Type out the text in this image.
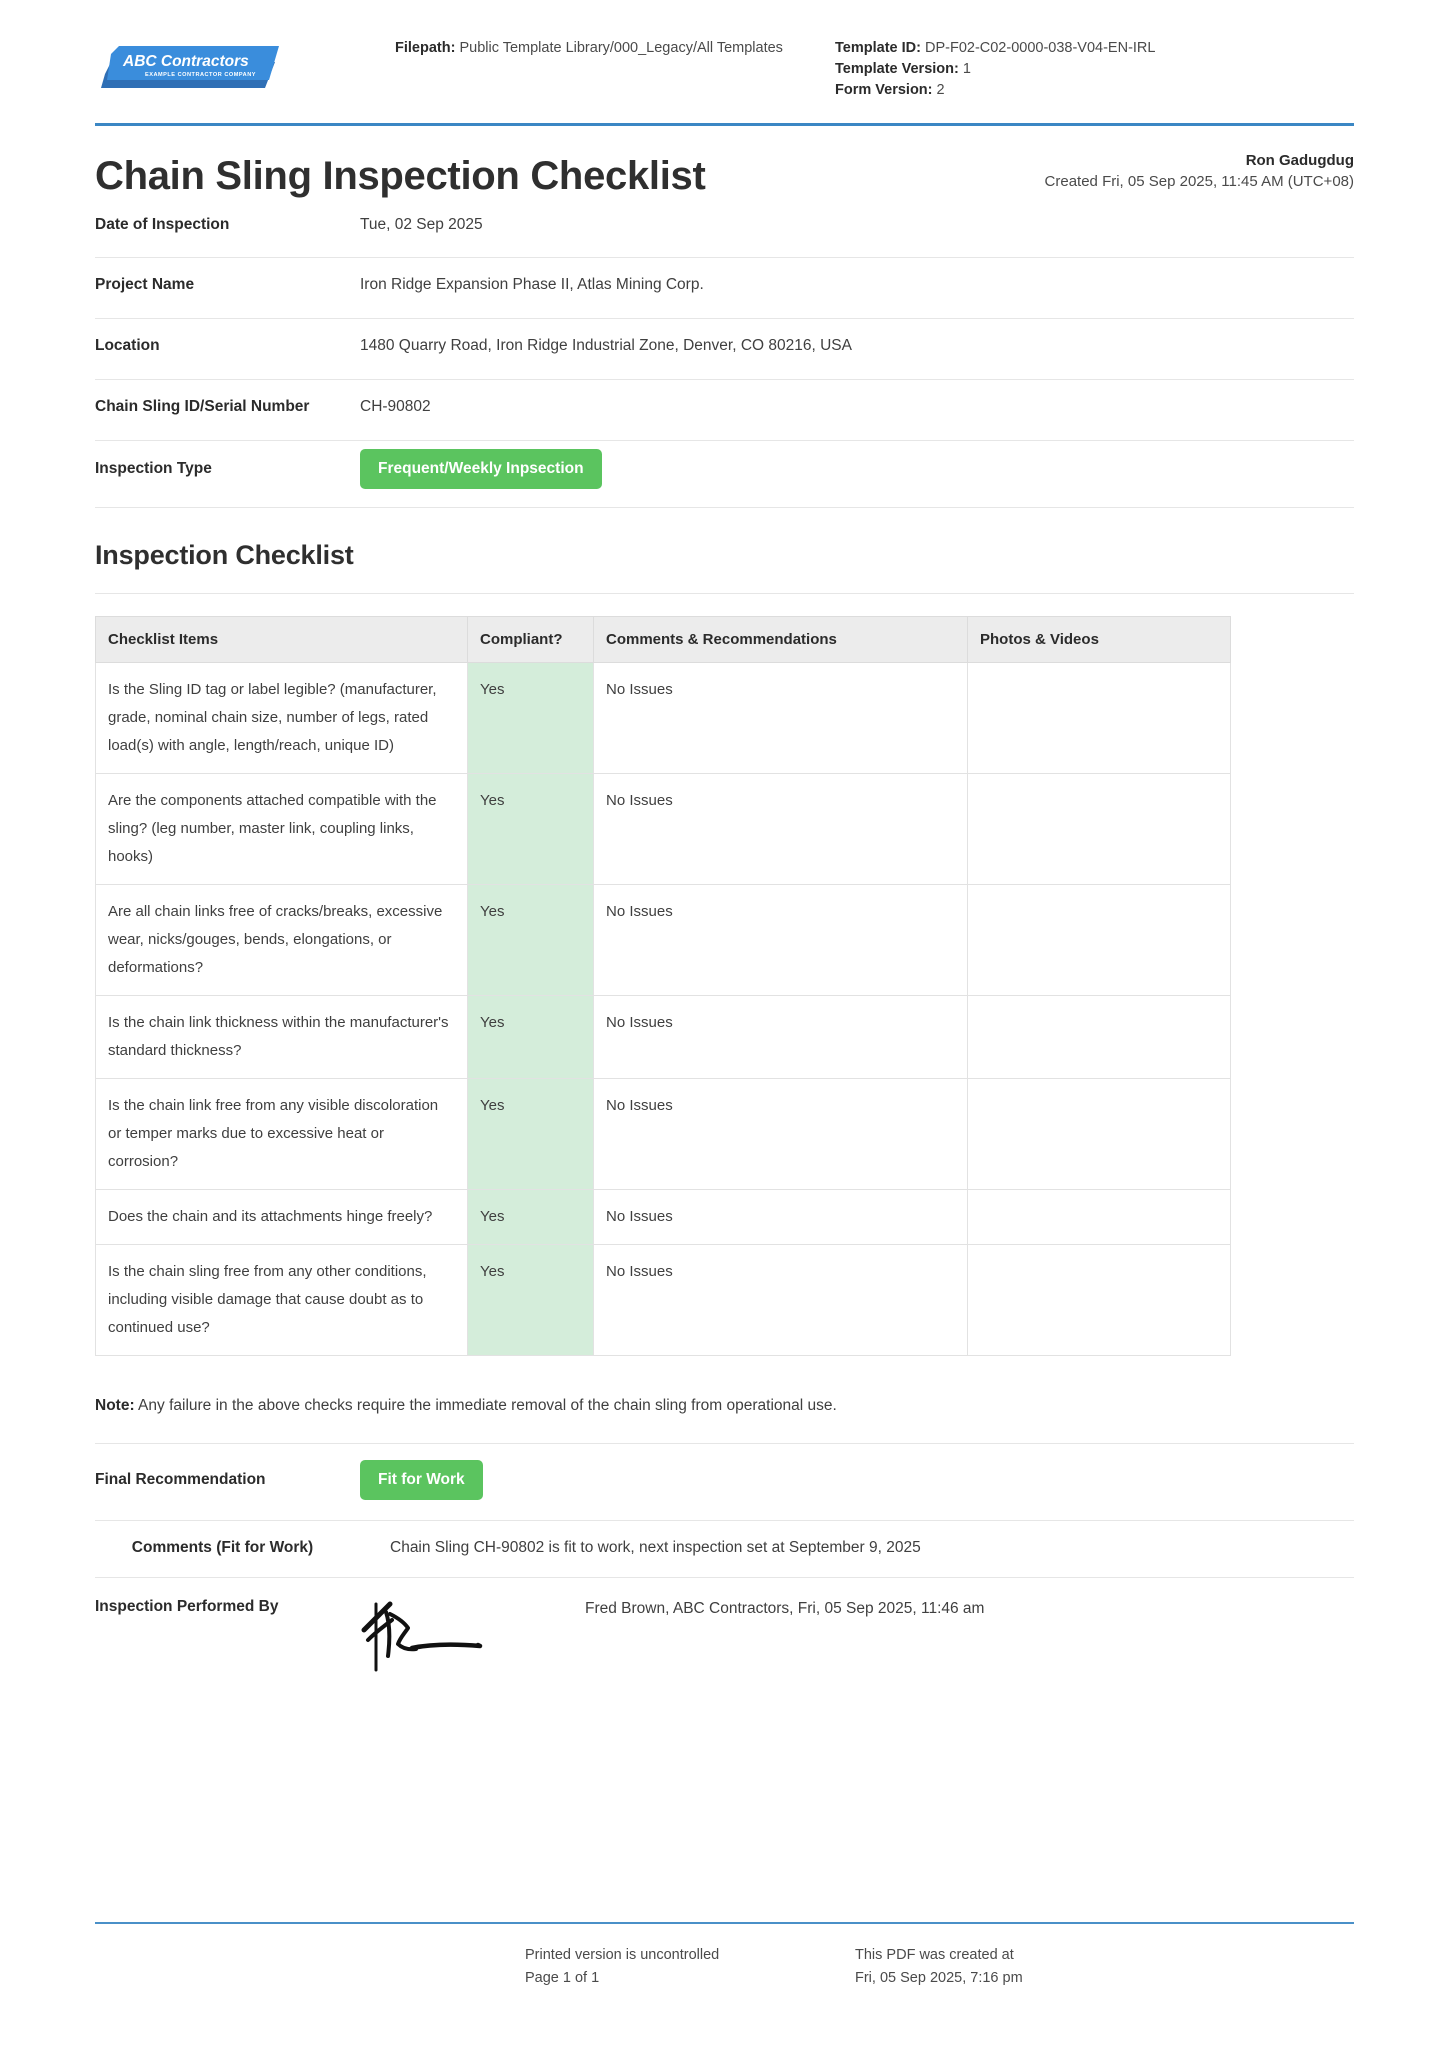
ABC Contractors
EXAMPLE CONTRACTOR COMPANY
Filepath: Public Template Library/000_Legacy/All Templates	Template ID: DP-F02-C02-0000-038-V04-EN-IRL
Template Version: 1
Form Version: 2
Chain Sling Inspection Checklist	Ron Gadugdug
Created Fri, 05 Sep 2025, 11:45 AM (UTC+08)
Date of Inspection	Tue, 02 Sep 2025
Project Name	Iron Ridge Expansion Phase II, Atlas Mining Corp.
Location	1480 Quarry Road, Iron Ridge Industrial Zone, Denver, CO 80216, USA
Chain Sling ID/Serial Number	CH-90802
Inspection Type	Frequent/Weekly Inpsection
Inspection Checklist
Checklist Items	Compliant?	Comments & Recommendations	Photos & Videos
Is the Sling ID tag or label legible? (manufacturer, grade, nominal chain size, number of legs, rated load(s) with angle, length/reach, unique ID)	Yes	No Issues	
Are the components attached compatible with the sling? (leg number, master link, coupling links, hooks)	Yes	No Issues	
Are all chain links free of cracks/breaks, excessive wear, nicks/gouges, bends, elongations, or deformations?	Yes	No Issues	
Is the chain link thickness within the manufacturer's standard thickness?	Yes	No Issues	
Is the chain link free from any visible discoloration or temper marks due to excessive heat or corrosion?	Yes	No Issues	
Does the chain and its attachments hinge freely?	Yes	No Issues	
Is the chain sling free from any other conditions, including visible damage that cause doubt as to continued use?	Yes	No Issues	
Note: Any failure in the above checks require the immediate removal of the chain sling from operational use.
Final Recommendation	Fit for Work
Comments (Fit for Work)	Chain Sling CH-90802 is fit to work, next inspection set at September 9, 2025
Inspection Performed By	Fred Brown, ABC Contractors, Fri, 05 Sep 2025, 11:46 am
Printed version is uncontrolled
Page 1 of 1
This PDF was created at
Fri, 05 Sep 2025, 7:16 pm
